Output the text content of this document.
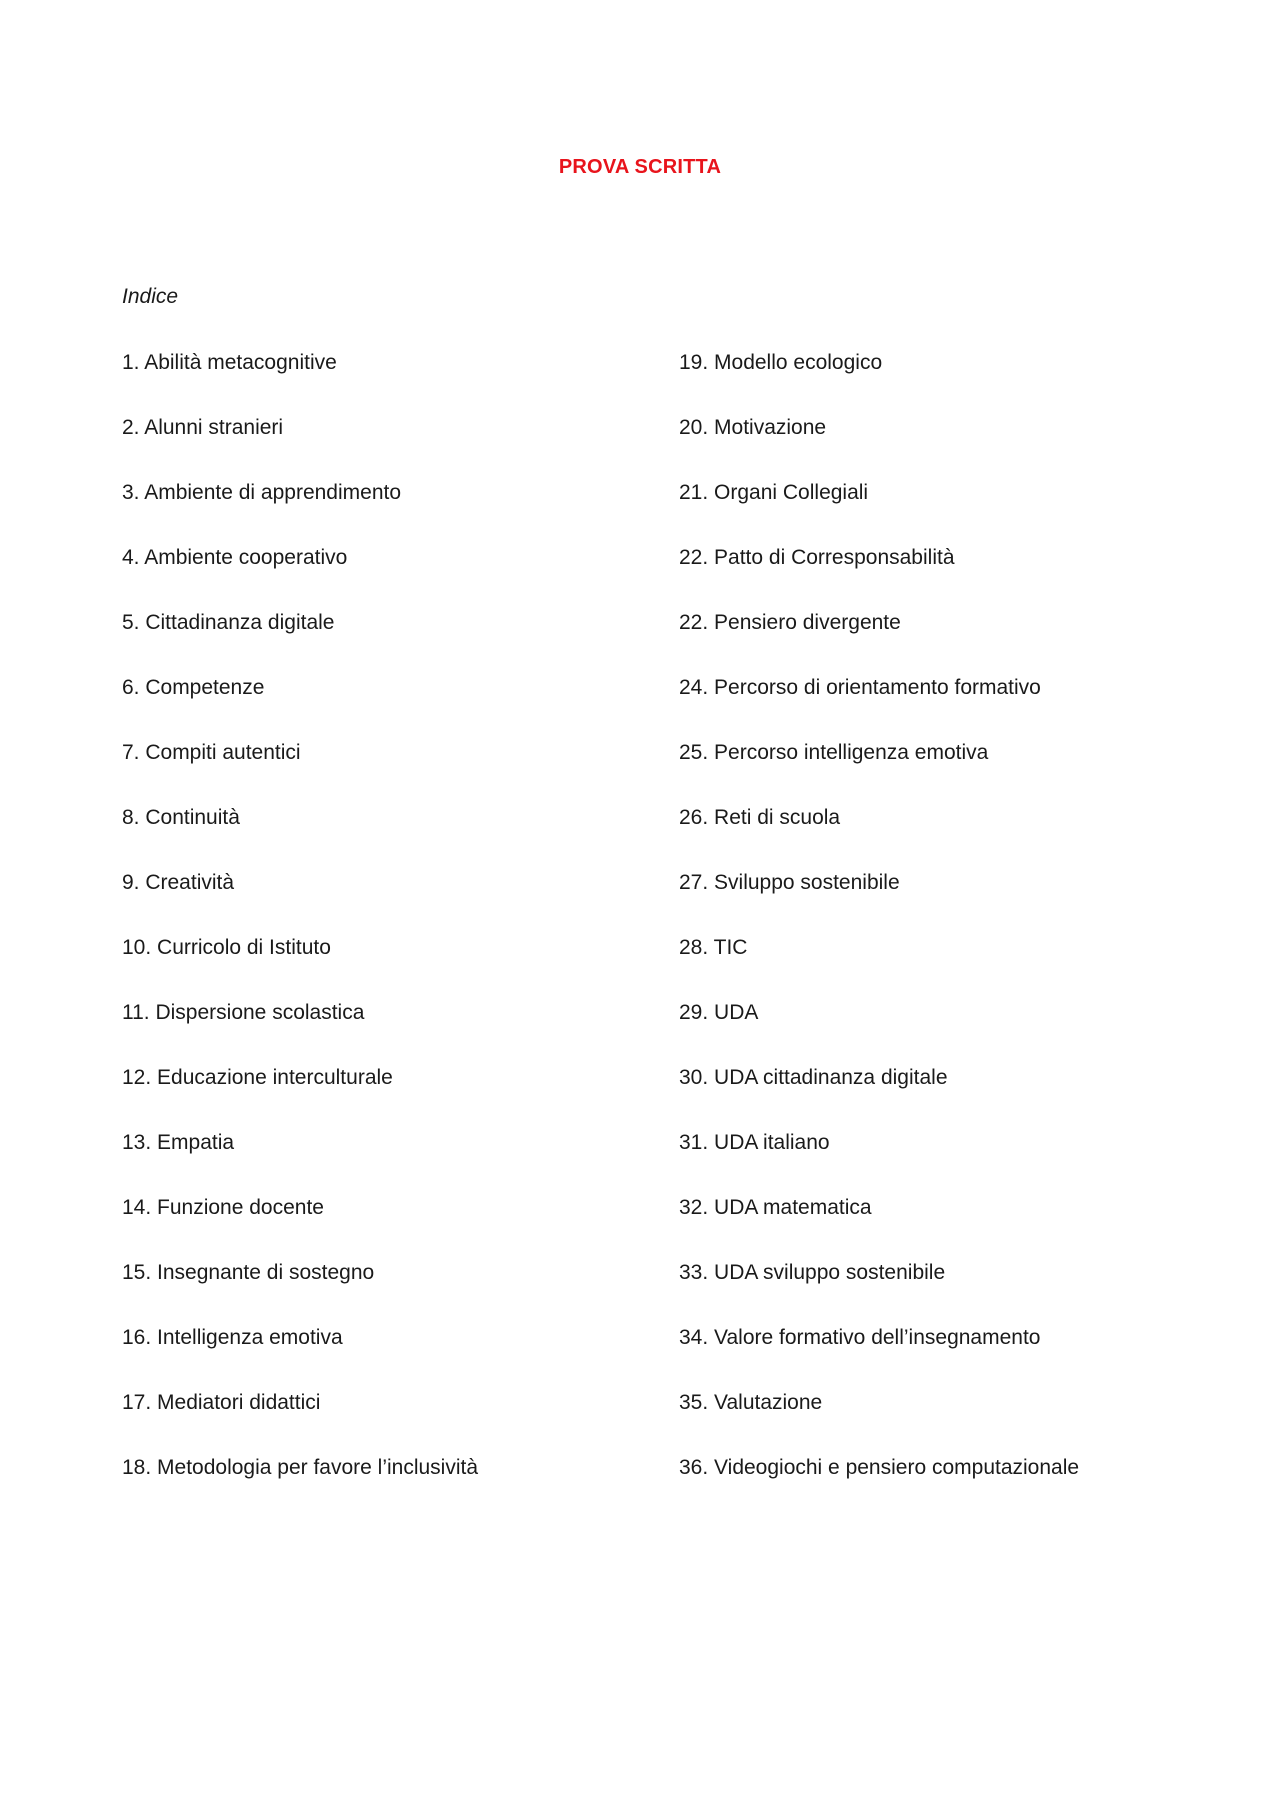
PROVA SCRITTA
Indice
1. Abilità metacognitive
2. Alunni stranieri
3. Ambiente di apprendimento
4. Ambiente cooperativo
5. Cittadinanza digitale
6. Competenze
7. Compiti autentici
8. Continuità
9. Creatività
10. Curricolo di Istituto
11. Dispersione scolastica
12. Educazione interculturale
13. Empatia
14. Funzione docente
15. Insegnante di sostegno
16. Intelligenza emotiva
17. Mediatori didattici
18. Metodologia per favore l’inclusività
19. Modello ecologico
20. Motivazione
21. Organi Collegiali
22. Patto di Corresponsabilità
22. Pensiero divergente
24. Percorso di orientamento formativo
25. Percorso intelligenza emotiva
26. Reti di scuola
27. Sviluppo sostenibile
28. TIC
29. UDA
30. UDA cittadinanza digitale
31. UDA italiano
32. UDA matematica
33. UDA sviluppo sostenibile
34. Valore formativo dell’insegnamento
35. Valutazione
36. Videogiochi e pensiero computazionale
